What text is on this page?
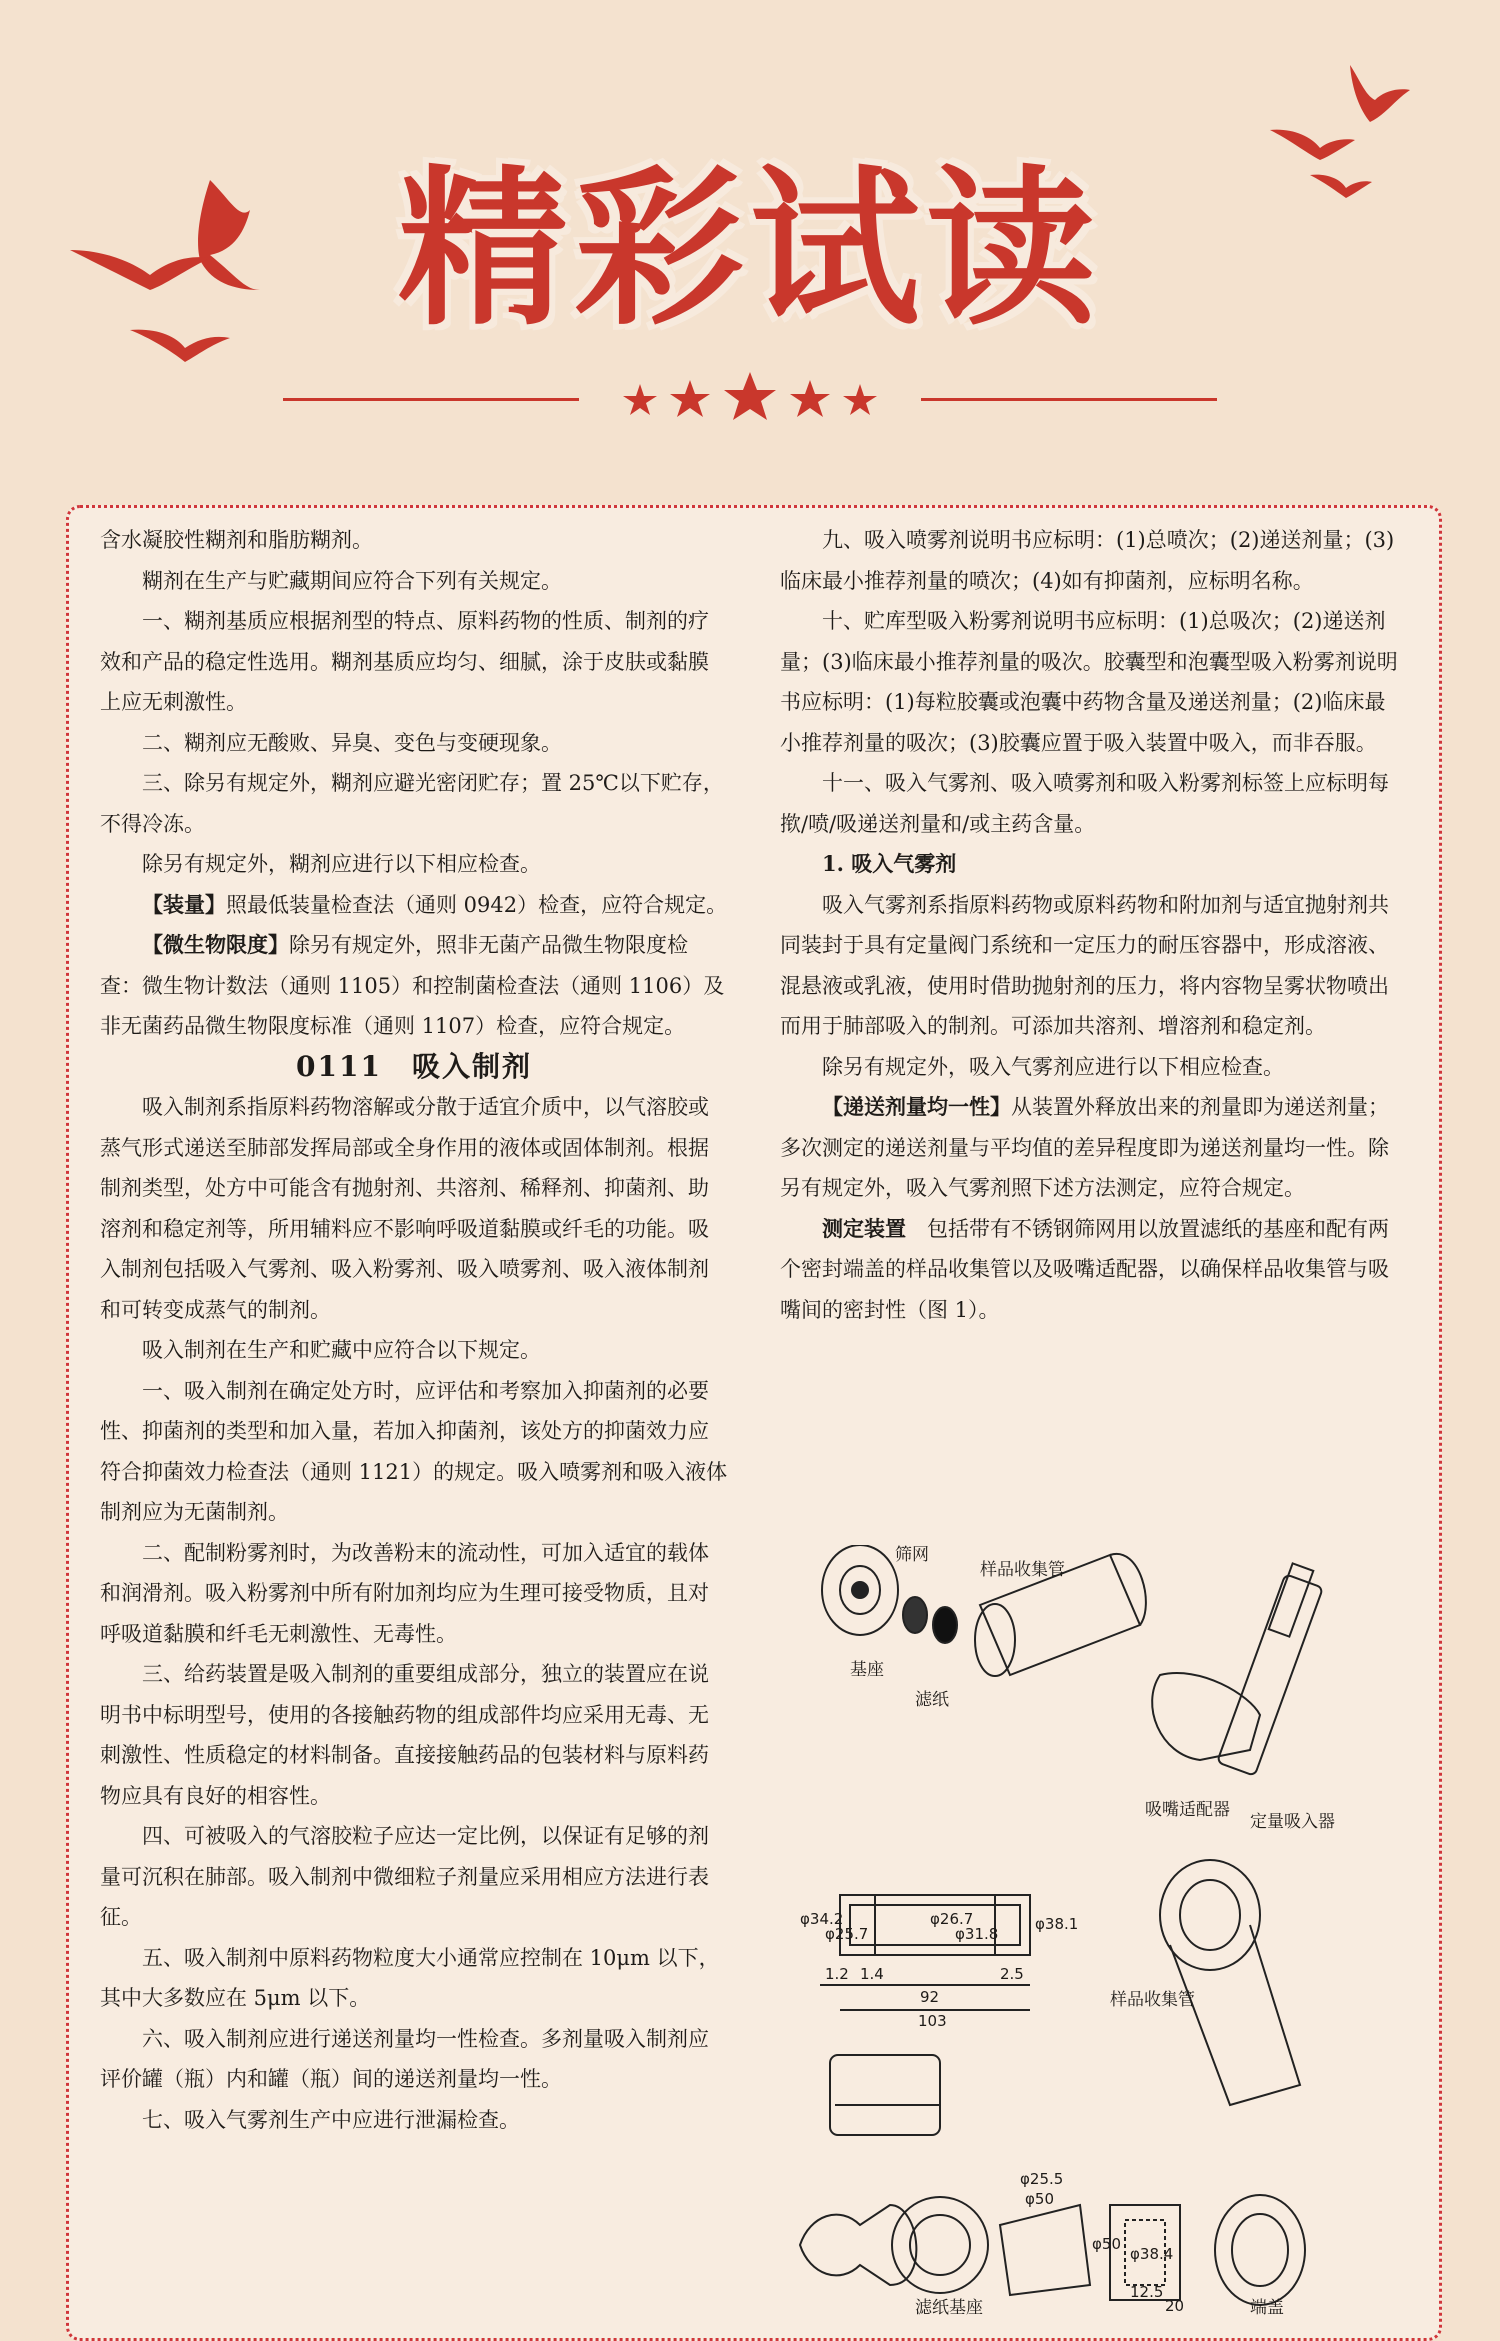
精彩试读

含水凝胶性糊剂和脂肪糊剂。

糊剂在生产与贮藏期间应符合下列有关规定。

一、糊剂基质应根据剂型的特点、原料药物的性质、制剂的疗效和产品的稳定性选用。糊剂基质应均匀、细腻，涂于皮肤或黏膜上应无刺激性。

二、糊剂应无酸败、异臭、变色与变硬现象。

三、除另有规定外，糊剂应避光密闭贮存；置 25℃以下贮存，不得冷冻。

除另有规定外，糊剂应进行以下相应检查。

【装量】照最低装量检查法（通则 0942）检查，应符合规定。

【微生物限度】除另有规定外，照非无菌产品微生物限度检查：微生物计数法（通则 1105）和控制菌检查法（通则 1106）及非无菌药品微生物限度标准（通则 1107）检查，应符合规定。

0111　吸入制剂

吸入制剂系指原料药物溶解或分散于适宜介质中，以气溶胶或蒸气形式递送至肺部发挥局部或全身作用的液体或固体制剂。根据制剂类型，处方中可能含有抛射剂、共溶剂、稀释剂、抑菌剂、助溶剂和稳定剂等，所用辅料应不影响呼吸道黏膜或纤毛的功能。吸入制剂包括吸入气雾剂、吸入粉雾剂、吸入喷雾剂、吸入液体制剂和可转变成蒸气的制剂。

吸入制剂在生产和贮藏中应符合以下规定。

一、吸入制剂在确定处方时，应评估和考察加入抑菌剂的必要性、抑菌剂的类型和加入量，若加入抑菌剂，该处方的抑菌效力应符合抑菌效力检查法（通则 1121）的规定。吸入喷雾剂和吸入液体制剂应为无菌制剂。

二、配制粉雾剂时，为改善粉末的流动性，可加入适宜的载体和润滑剂。吸入粉雾剂中所有附加剂均应为生理可接受物质，且对呼吸道黏膜和纤毛无刺激性、无毒性。

三、给药装置是吸入制剂的重要组成部分，独立的装置应在说明书中标明型号，使用的各接触药物的组成部件均应采用无毒、无刺激性、性质稳定的材料制备。直接接触药品的包装材料与原料药物应具有良好的相容性。

四、可被吸入的气溶胶粒子应达一定比例，以保证有足够的剂量可沉积在肺部。吸入制剂中微细粒子剂量应采用相应方法进行表征。

五、吸入制剂中原料药物粒度大小通常应控制在 10μm 以下，其中大多数应在 5μm 以下。

六、吸入制剂应进行递送剂量均一性检查。多剂量吸入制剂应评价罐（瓶）内和罐（瓶）间的递送剂量均一性。

七、吸入气雾剂生产中应进行泄漏检查。

九、吸入喷雾剂说明书应标明：(1)总喷次；(2)递送剂量；(3)临床最小推荐剂量的喷次；(4)如有抑菌剂，应标明名称。

十、贮库型吸入粉雾剂说明书应标明：(1)总吸次；(2)递送剂量；(3)临床最小推荐剂量的吸次。胶囊型和泡囊型吸入粉雾剂说明书应标明：(1)每粒胶囊或泡囊中药物含量及递送剂量；(2)临床最小推荐剂量的吸次；(3)胶囊应置于吸入装置中吸入，而非吞服。

十一、吸入气雾剂、吸入喷雾剂和吸入粉雾剂标签上应标明每揿/喷/吸递送剂量和/或主药含量。

1. 吸入气雾剂

吸入气雾剂系指原料药物或原料药物和附加剂与适宜抛射剂共同装封于具有定量阀门系统和一定压力的耐压容器中，形成溶液、混悬液或乳液，使用时借助抛射剂的压力，将内容物呈雾状物喷出而用于肺部吸入的制剂。可添加共溶剂、增溶剂和稳定剂。

除另有规定外，吸入气雾剂应进行以下相应检查。

【递送剂量均一性】从装置外释放出来的剂量即为递送剂量；多次测定的递送剂量与平均值的差异程度即为递送剂量均一性。除另有规定外，吸入气雾剂照下述方法测定，应符合规定。

测定装置　包括带有不锈钢筛网用以放置滤纸的基座和配有两个密封端盖的样品收集管以及吸嘴适配器，以确保样品收集管与吸嘴间的密封性（图 1）。

筛网
样品收集管
基座
滤纸
吸嘴适配器
定量吸入器
样品收集管
滤纸基座	端盖
φ34.2
φ25.7
φ26.7
φ31.8
φ38.1
1.2 1.4	2.5
92
103
φ25.5
φ50
φ50
φ38.4
12.5
20
